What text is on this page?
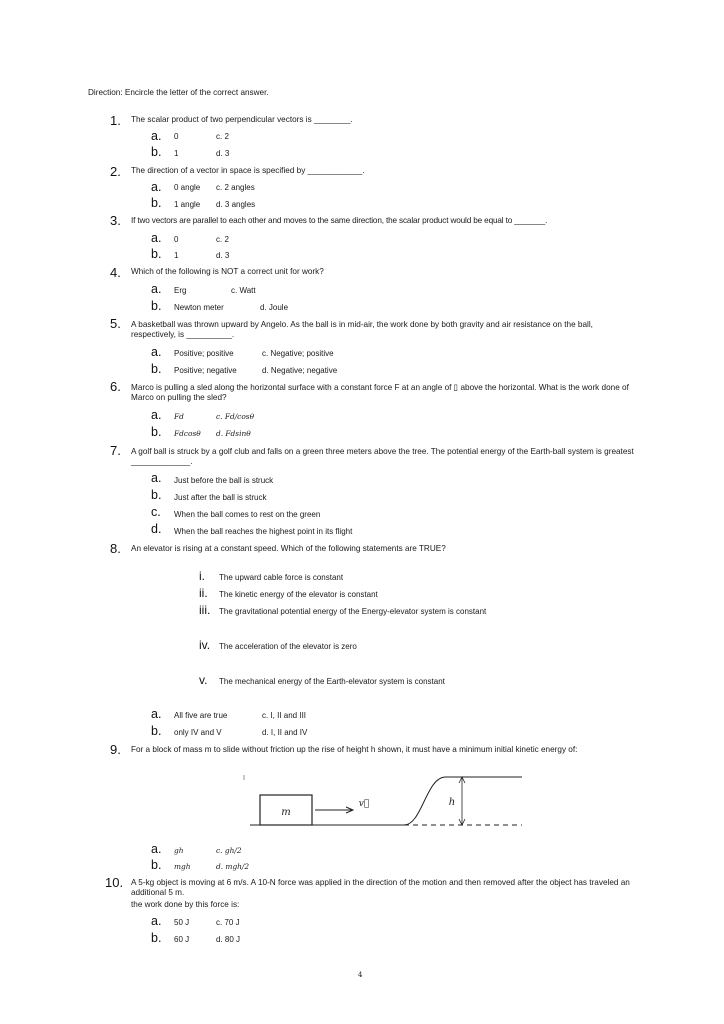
Direction: Encircle the letter of the correct answer.
1. The scalar product of two perpendicular vectors is ________.
a. 0	c. 2
b. 1	d. 3
2. The direction of a vector in space is specified by ____________.
a. 0 angle c. 2 angles
b. 1 angle d. 3 angles
3. If two vectors are parallel to each other and moves to the same direction, the scalar product would be equal to _______.
a. 0	c. 2
b. 1	d. 3
4. Which of the following is NOT a correct unit for work?
a. Erg	c. Watt
b. Newton meter	d. Joule
5. A basketball was thrown upward by Angelo. As the ball is in mid-air, the work done by both gravity and air resistance on the ball, respectively, is __________.
a. Positive; positive	c. Negative; positive
b. Positive; negative	d. Negative; negative
6. Marco is pulling a sled along the horizontal surface with a constant force F at an angle of ▯ above the horizontal. What is the work done of Marco on pulling the sled?
a. Fd	c. Fd/cosθ
b. Fdcosθ d. Fdsinθ
7. A golf ball is struck by a golf club and falls on a green three meters above the tree. The potential energy of the Earth-ball system is greatest _____________.
a. Just before the ball is struck
b. Just after the ball is struck
c. When the ball comes to rest on the green
d. When the ball reaches the highest point in its flight
8. An elevator is rising at a constant speed. Which of the following statements are TRUE?
i. The upward cable force is constant
ii. The kinetic energy of the elevator is constant
iii. The gravitational potential energy of the Energy-elevator system is constant
iv. The acceleration of the elevator is zero
v. The mechanical energy of the Earth-elevator system is constant
a. All five are true	c. I, II and III
b. only IV and V	d. I, II and IV
9. For a block of mass m to slide without friction up the rise of height h shown, it must have a minimum initial kinetic energy of:
m
v⃗	h
a. gh	c. gh/2
b. mgh	d. mgh/2
10. A 5-kg object is moving at 6 m/s. A 10-N force was applied in the direction of the motion and then removed after the object has traveled an additional 5 m.
the work done by this force is:
a. 50 J	c. 70 J
b. 60 J	d. 80 J
4
